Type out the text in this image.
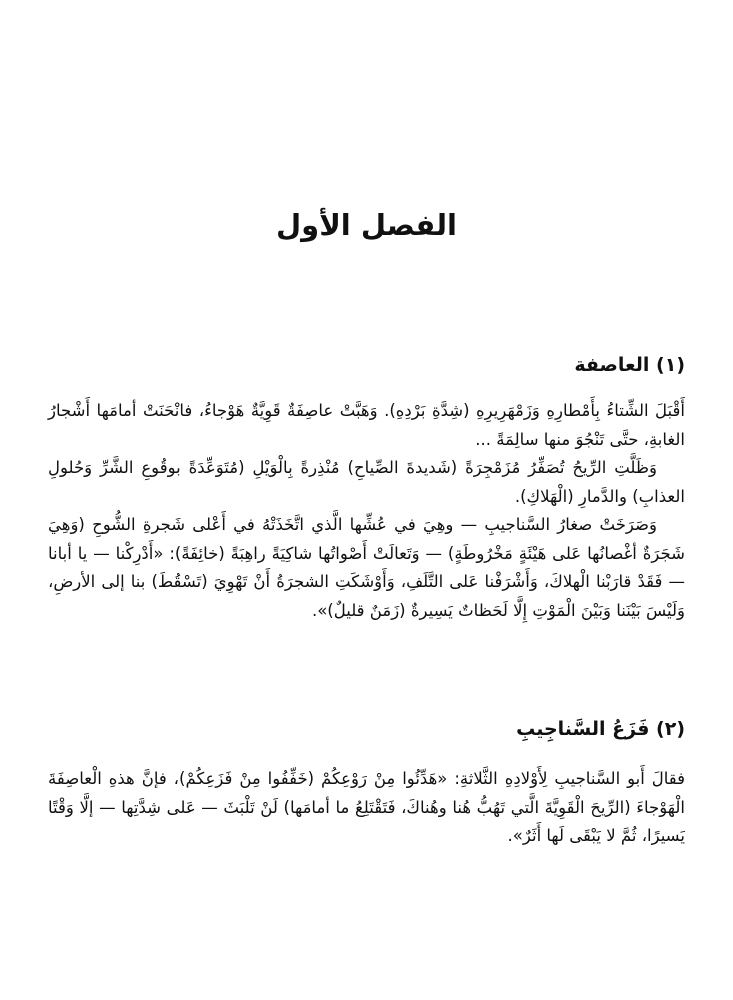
الفصل الأول
(١) العاصفة

أَقْبَلَ الشِّتاءُ بِأَمْطارِهِ وَزَمْهَرِيرِهِ (شِدَّةِ بَرْدِهِ). وَهَبَّتْ عاصِفَةٌ قَوِيَّةٌ هَوْجاءُ، فانْحَنَتْ أمامَها أَشْجارُ الغابةِ، حتَّى تَنْجُوَ منها سالِمَةً ...

وَظَلَّتِ الرِّيحُ تُصَفِّرُ مُزَمْجِرَةً (شَديدةَ الصِّياحِ) مُنْذِرةً بِالْوَيْلِ (مُتَوَعِّدَةً بوقُوعِ الشَّرِّ وَحُلولِ العذابِ) والدَّمارِ (الْهَلاكِ).

وَصَرَخَتْ صغارُ السَّناجيبِ — وهِيَ في عُشِّها الَّذي اتَّخَذَتْهُ في أَعْلى شَجرةِ الشُّوحِ (وَهِيَ شَجَرَةٌ أغْصانُها عَلى هَيْئَةٍ مَخْرُوطَةٍ) — وَتَعالَتْ أَصْواتُها شاكِيَةً راهِبَةً (خائِفَةً): «أَدْرِكْنا — يا أبانا — فَقَدْ قارَبْنا الْهلاكَ، وَأَشْرَفْنا عَلى التَّلَفِ، وَأَوْشَكَتِ الشجرَةُ أَنْ تَهْوِيَ (تَسْقُطَ) بنا إلى الأرضِ، وَلَيْسَ بَيْنَنا وَبَيْنَ الْمَوْتِ إِلَّا لَحَظاتٌ يَسِيرةٌ (زَمَنٌ قليلٌ)».

(٢) فَزَعُ السَّناجِيبِ

فقالَ أَبو السَّناجيبِ لِأَوْلادِهِ الثَّلاثةِ: «هَدِّئُوا مِنْ رَوْعِكُمْ (خَفِّفُوا مِنْ فَزَعِكُمْ)، فإنَّ هذهِ الْعاصِفَةَ الْهَوْجاءَ (الرِّيحَ الْقَوِيَّةَ الَّتي تَهُبُّ هُنا وهُناكَ، فَتَقْتَلِعُ ما أمامَها) لَنْ تَلْبَثَ — عَلى شِدَّتِها — إلَّا وَقْتًا يَسيرًا، ثُمَّ لا يَبْقَى لَها أَثَرٌ».
